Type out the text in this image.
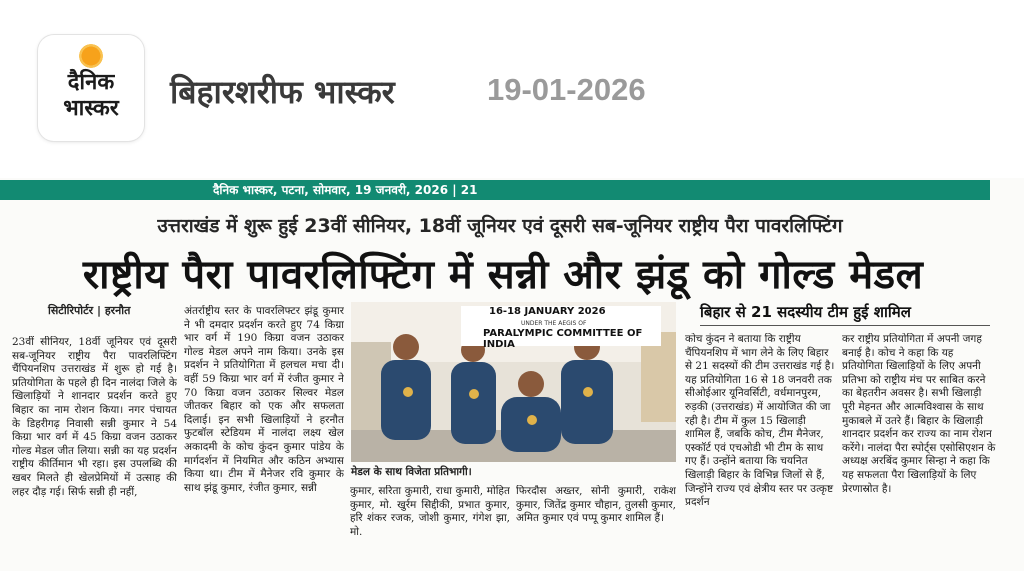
दैनिक
भास्कर	बिहारशरीफ भास्कर	19-01-2026
दैनिक भास्कर, पटना, सोमवार, 19 जनवरी, 2026 | 21
उत्तराखंड में शुरू हुई 23वीं सीनियर, 18वीं जूनियर एवं दूसरी सब-जूनियर राष्ट्रीय पैरा पावरलिफ्टिंग
राष्ट्रीय पैरा पावरलिफ्टिंग में सन्नी और झंडू को गोल्ड मेडल
सिटीरिपोर्टर | हरनौत
23वीं सीनियर, 18वीं जूनियर एवं दूसरी सब-जूनियर राष्ट्रीय पैरा पावरलिफ्टिंग चैंपियनशिप उत्तराखंड में शुरू हो गई है। प्रतियोगिता के पहले ही दिन नालंदा जिले के खिलाड़ियों ने शानदार प्रदर्शन करते हुए बिहार का नाम रोशन किया। नगर पंचायत के डिहरीगढ़ निवासी सन्नी कुमार ने 54 किग्रा भार वर्ग में 45 किग्रा वजन उठाकर गोल्ड मेडल जीत लिया। सन्नी का यह प्रदर्शन राष्ट्रीय कीर्तिमान भी रहा। इस उपलब्धि की खबर मिलते ही खेलप्रेमियों में उत्साह की लहर दौड़ गई। सिर्फ सन्नी ही नहीं,
अंतर्राष्ट्रीय स्तर के पावरलिफ्टर झंडू कुमार ने भी दमदार प्रदर्शन करते हुए 74 किग्रा भार वर्ग में 190 किग्रा वजन उठाकर गोल्ड मेडल अपने नाम किया। उनके इस प्रदर्शन ने प्रतियोगिता में हलचल मचा दी। वहीं 59 किग्रा भार वर्ग में रंजीत कुमार ने 70 किग्रा वजन उठाकर सिल्वर मेडल जीतकर बिहार को एक और सफलता दिलाई। इन सभी खिलाड़ियों ने हरनौत फुटबॉल स्टेडियम में नालंदा लक्ष्य खेल अकादमी के कोच कुंदन कुमार पांडेय के मार्गदर्शन में नियमित और कठिन अभ्यास किया था। टीम में मैनेजर रवि कुमार के साथ झंडू कुमार, रंजीत कुमार, सन्नी
16-18 JANUARY 2026
UNDER THE AEGIS OF
PARALYMPIC COMMITTEE OF INDIA
मेडल के साथ विजेता प्रतिभागी।
कुमार, सरिता कुमारी, राधा कुमारी, मोहित कुमार, मो. खुर्रम सिद्दीकी, प्रभात कुमार, हरि शंकर रजक, जोशी कुमार, गंगेश झा, मो.
फिरदौस अख्तर, सोनी कुमारी, राकेश कुमार, जितेंद्र कुमार चौहान, तुलसी कुमार, अमित कुमार एवं पप्पू कुमार शामिल हैं।
बिहार से 21 सदस्यीय टीम हुई शामिल
कोच कुंदन ने बताया कि राष्ट्रीय चैंपियनशिप में भाग लेने के लिए बिहार से 21 सदस्यों की टीम उत्तराखंड गई है। यह प्रतियोगिता 16 से 18 जनवरी तक सीओईआर यूनिवर्सिटी, वर्धमानपुरम, रुड़की (उत्तराखंड) में आयोजित की जा रही है। टीम में कुल 15 खिलाड़ी शामिल हैं, जबकि कोच, टीम मैनेजर, एस्कॉर्ट एवं एचओडी भी टीम के साथ गए हैं। उन्होंने बताया कि चयनित खिलाड़ी बिहार के विभिन्न जिलों से हैं, जिन्होंने राज्य एवं क्षेत्रीय स्तर पर उत्कृष्ट प्रदर्शन
कर राष्ट्रीय प्रतियोगिता में अपनी जगह बनाई है। कोच ने कहा कि यह प्रतियोगिता खिलाड़ियों के लिए अपनी प्रतिभा को राष्ट्रीय मंच पर साबित करने का बेहतरीन अवसर है। सभी खिलाड़ी पूरी मेहनत और आत्मविश्वास के साथ मुकाबले में उतरे हैं। बिहार के खिलाड़ी शानदार प्रदर्शन कर राज्य का नाम रोशन करेंगे। नालंदा पैरा स्पोर्ट्स एसोसिएशन के अध्यक्ष अरबिंद कुमार सिन्हा ने कहा कि यह सफलता पैरा खिलाड़ियों के लिए प्रेरणास्रोत है।
